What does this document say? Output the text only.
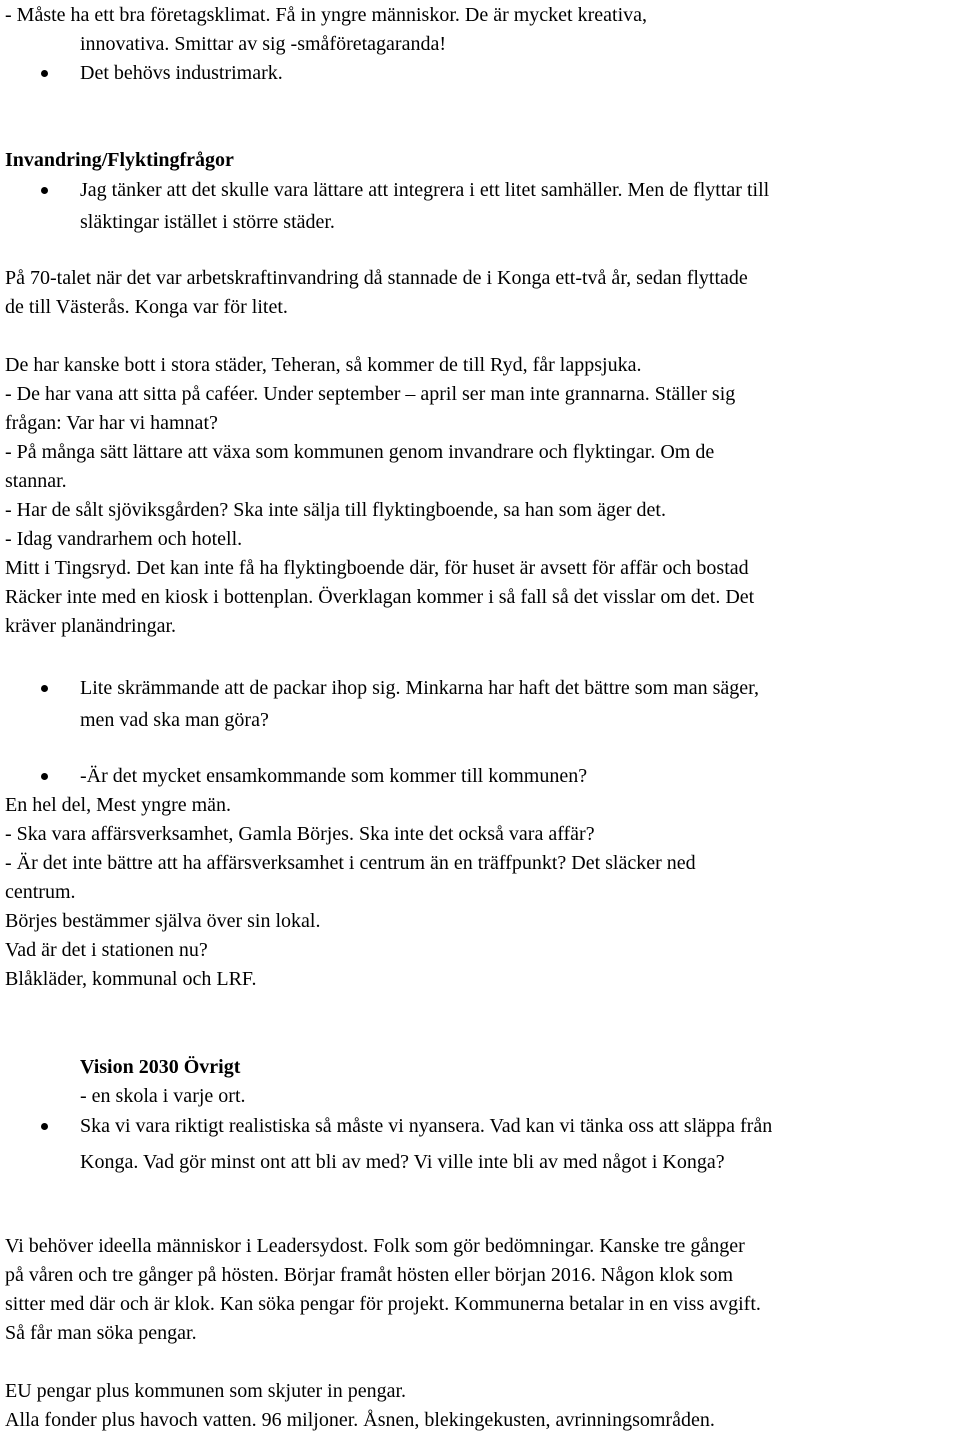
- Måste ha ett bra företagsklimat. Få in yngre människor. De är mycket kreativa,

innovativa. Smittar av sig -småföretagaranda!

Det behövs industrimark.

Invandring/Flyktingfrågor

Jag tänker att det skulle vara lättare att integrera i ett litet samhäller. Men de flyttar till

släktingar istället i större städer.

På 70-talet när det var arbetskraftinvandring då stannade de i Konga ett-två år, sedan flyttade

de till Västerås. Konga var för litet.

De har kanske bott i stora städer, Teheran, så kommer de till Ryd, får lappsjuka.

- De har vana att sitta på caféer. Under september – april ser man inte grannarna. Ställer sig

frågan: Var har vi hamnat?

- På många sätt lättare att växa som kommunen genom invandrare och flyktingar. Om de

stannar.

- Har de sålt sjöviksgården? Ska inte sälja till flyktingboende, sa han som äger det.

- Idag vandrarhem och hotell.

Mitt i Tingsryd. Det kan inte få ha flyktingboende där, för huset är avsett för affär och bostad

Räcker inte med en kiosk i bottenplan. Överklagan kommer i så fall så det visslar om det. Det

kräver planändringar.

Lite skrämmande att de packar ihop sig. Minkarna har haft det bättre som man säger,

men vad ska man göra?

-Är det mycket ensamkommande som kommer till kommunen?

En hel del, Mest yngre män.

- Ska vara affärsverksamhet, Gamla Börjes. Ska inte det också vara affär?

- Är det inte bättre att ha affärsverksamhet i centrum än en träffpunkt? Det släcker ned

centrum.

Börjes bestämmer själva över sin lokal.

Vad är det i stationen nu?

Blåkläder, kommunal och LRF.

Vision 2030 Övrigt

- en skola i varje ort.

Ska vi vara riktigt realistiska så måste vi nyansera. Vad kan vi tänka oss att släppa från

Konga. Vad gör minst ont att bli av med? Vi ville inte bli av med något i Konga?

Vi behöver ideella människor i Leadersydost. Folk som gör bedömningar. Kanske tre gånger

på våren och tre gånger på hösten. Börjar framåt hösten eller början 2016. Någon klok som

sitter med där och är klok. Kan söka pengar för projekt. Kommunerna betalar in en viss avgift.

Så får man söka pengar.

EU pengar plus kommunen som skjuter in pengar.

Alla fonder plus havoch vatten. 96 miljoner. Åsnen, blekingekusten, avrinningsområden.
